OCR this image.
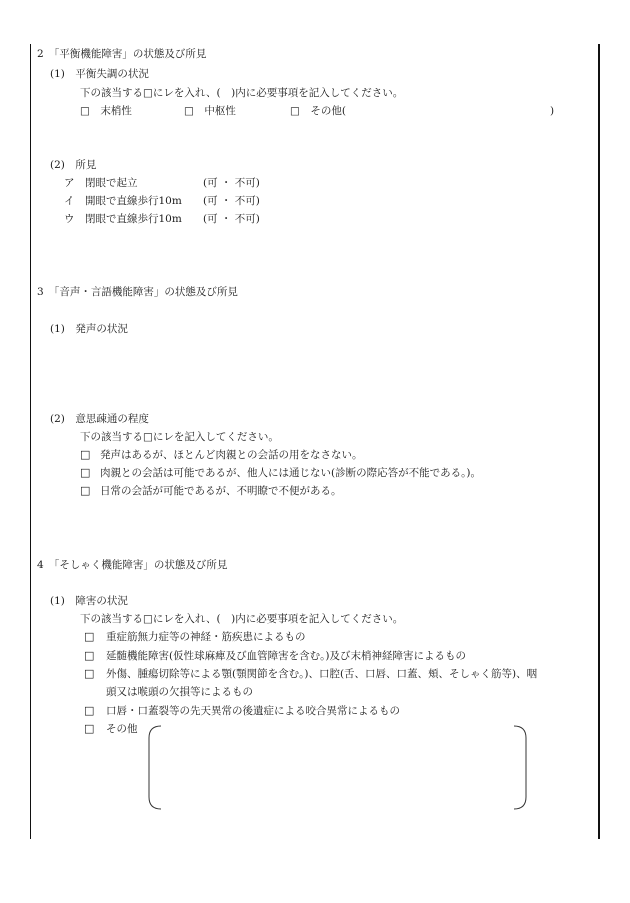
2　「平衡機能障害」の状態及び所見
(1)　平衡失調の状況
下の該当する□にレを入れ、(　)内に必要事項を記入してください。
□　末梢性	□　中枢性	□　その他(	)
(2)　所見
ア　閉眼で起立	(可 ・ 不可)
イ　開眼で直線歩行10m (可 ・ 不可)
ウ　閉眼で直線歩行10m (可 ・ 不可)
3　「音声・言語機能障害」の状態及び所見
(1)　発声の状況
(2)　意思疎通の程度
下の該当する□にレを記入してください。
□ 発声はあるが、ほとんど肉親との会話の用をなさない。
□ 肉親との会話は可能であるが、他人には通じない(診断の際応答が不能である。)。
□ 日常の会話が可能であるが、不明瞭で不便がある。
4　「そしゃく機能障害」の状態及び所見
(1)　障害の状況
下の該当する□にレを入れ、(　)内に必要事項を記入してください。
□ 重症筋無力症等の神経・筋疾患によるもの
□ 延髄機能障害(仮性球麻痺及び血管障害を含む。)及び末梢神経障害によるもの
□ 外傷、腫瘍切除等による顎(顎関節を含む。)、口腔(舌、口唇、口蓋、頬、そしゃく筋等)、咽
頭又は喉頭の欠損等によるもの
□ 口唇・口蓋裂等の先天異常の後遺症による咬合異常によるもの
□ その他
